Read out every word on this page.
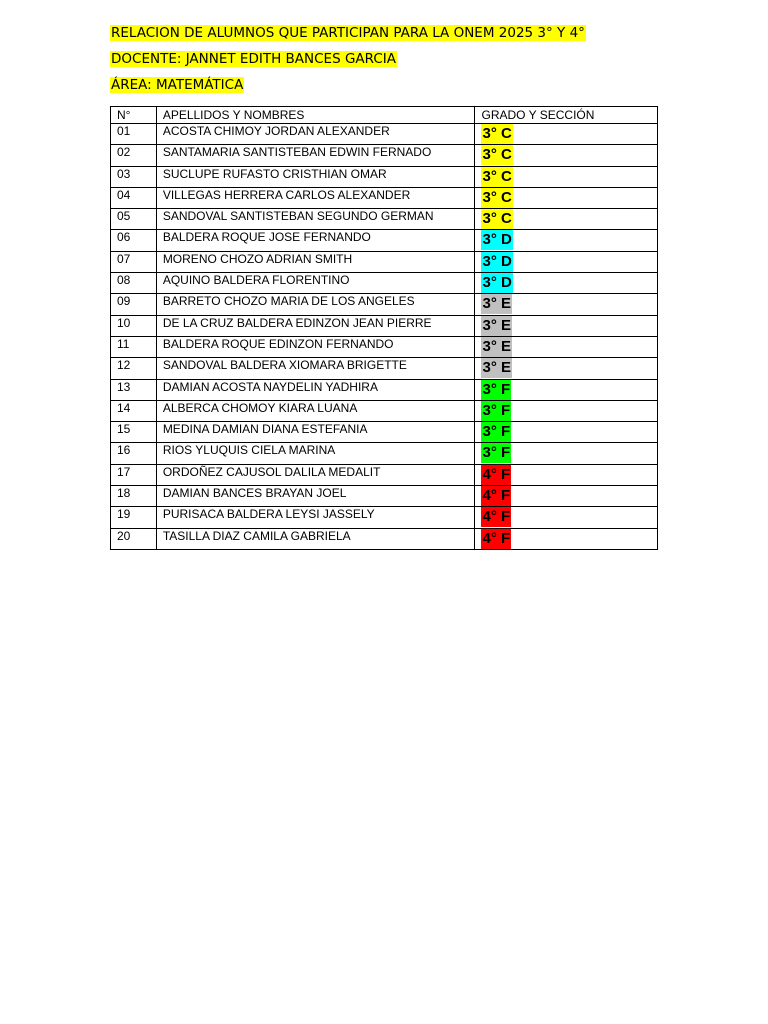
RELACION DE ALUMNOS QUE PARTICIPAN PARA LA ONEM 2025 3° Y 4°
DOCENTE: JANNET EDITH BANCES GARCIA
ÁREA: MATEMÁTICA
N°	APELLIDOS Y NOMBRES	GRADO Y SECCIÓN
01	ACOSTA CHIMOY JORDAN ALEXANDER	3° C
02	SANTAMARIA SANTISTEBAN EDWIN FERNADO	3° C
03	SUCLUPE RUFASTO CRISTHIAN OMAR	3° C
04	VILLEGAS HERRERA CARLOS ALEXANDER	3° C
05	SANDOVAL SANTISTEBAN SEGUNDO GERMAN	3° C
06	BALDERA ROQUE JOSE FERNANDO	3° D
07	MORENO CHOZO ADRIAN SMITH	3° D
08	AQUINO BALDERA FLORENTINO	3° D
09	BARRETO CHOZO MARIA DE LOS ANGELES	3° E
10	DE LA CRUZ BALDERA EDINZON JEAN PIERRE	3° E
11	BALDERA ROQUE EDINZON FERNANDO	3° E
12	SANDOVAL BALDERA XIOMARA BRIGETTE	3° E
13	DAMIAN ACOSTA NAYDELIN YADHIRA	3° F
14	ALBERCA CHOMOY KIARA LUANA	3° F
15	MEDINA DAMIAN DIANA ESTEFANIA	3° F
16	RIOS YLUQUIS CIELA MARINA	3° F
17	ORDOÑEZ CAJUSOL DALILA MEDALIT	4° F
18	DAMIAN BANCES BRAYAN JOEL	4° F
19	PURISACA BALDERA LEYSI JASSELY	4° F
20	TASILLA DIAZ CAMILA GABRIELA	4° F
